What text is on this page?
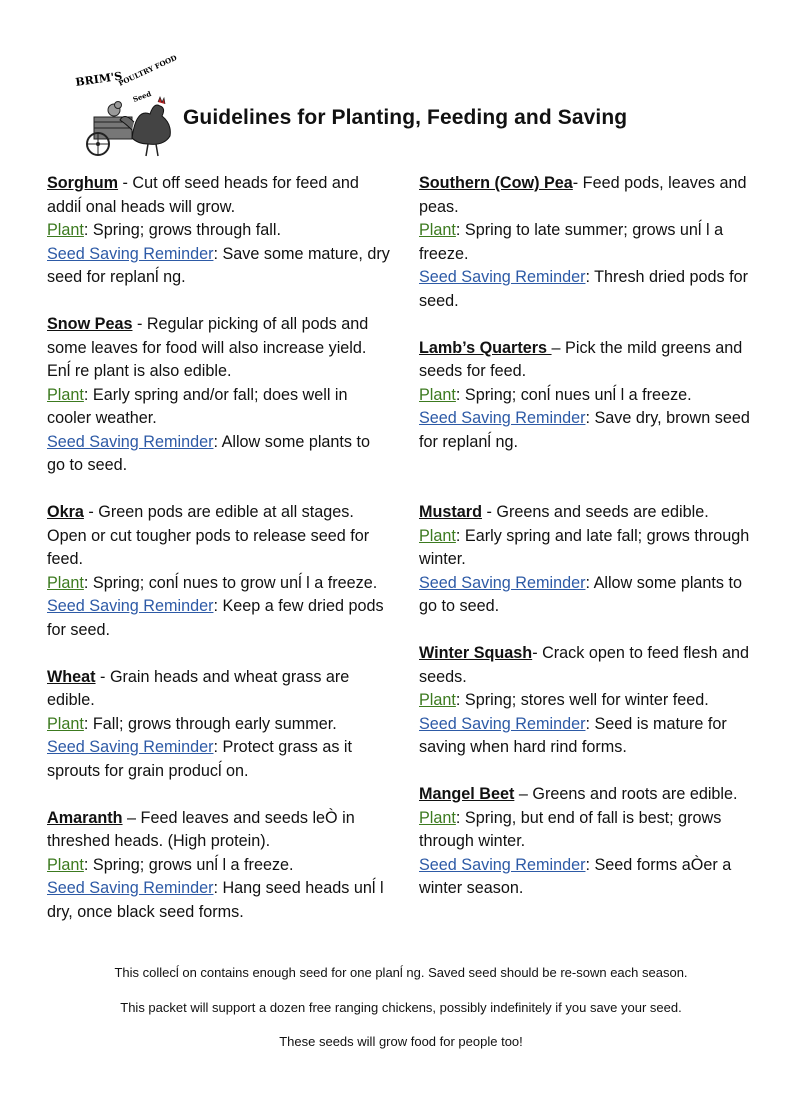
BRIM'S
POULTRY FOOD
Seed
Guidelines for Planting, Feeding and Saving

Sorghum - Cut off seed heads for feed and addiĺ onal heads will grow.

Plant: Spring; grows through fall.

Seed Saving Reminder: Save some mature, dry seed for replanĺ ng.

Snow Peas - Regular picking of all pods and some leaves for food will also increase yield. Enĺ re plant is also edible.

Plant: Early spring and/or fall; does well in cooler weather.

Seed Saving Reminder: Allow some plants to go to seed.

Okra - Green pods are edible at all stages. Open or cut tougher pods to release seed for feed.

Plant: Spring; conĺ nues to grow unĺ l a freeze.

Seed Saving Reminder: Keep a few dried pods for seed.

Wheat - Grain heads and wheat grass are edible.

Plant: Fall; grows through early summer.

Seed Saving Reminder: Protect grass as it sprouts for grain producĺ on.

Amaranth – Feed leaves and seeds leÒ in threshed heads. (High protein).

Plant: Spring; grows unĺ l a freeze.

Seed Saving Reminder: Hang seed heads unĺ l dry, once black seed forms.

Southern (Cow) Pea- Feed pods, leaves and peas.

Plant: Spring to late summer; grows unĺ l a freeze.

Seed Saving Reminder: Thresh dried pods for seed.

Lamb’s Quarters – Pick the mild greens and seeds for feed.

Plant: Spring; conĺ nues unĺ l a freeze.

Seed Saving Reminder: Save dry, brown seed for replanĺ ng.

Mustard - Greens and seeds are edible.

Plant: Early spring and late fall; grows through winter.

Seed Saving Reminder: Allow some plants to go to seed.

Winter Squash- Crack open to feed flesh and seeds.

Plant: Spring; stores well for winter feed.

Seed Saving Reminder: Seed is mature for saving when hard rind forms.

Mangel Beet – Greens and roots are edible.

Plant: Spring, but end of fall is best; grows through winter.

Seed Saving Reminder: Seed forms aÒer a winter season.

This collecĺ on contains enough seed for one planĺ ng. Saved seed should be re-sown each season.
This packet will support a dozen free ranging chickens, possibly indefinitely if you save your seed.
These seeds will grow food for people too!
